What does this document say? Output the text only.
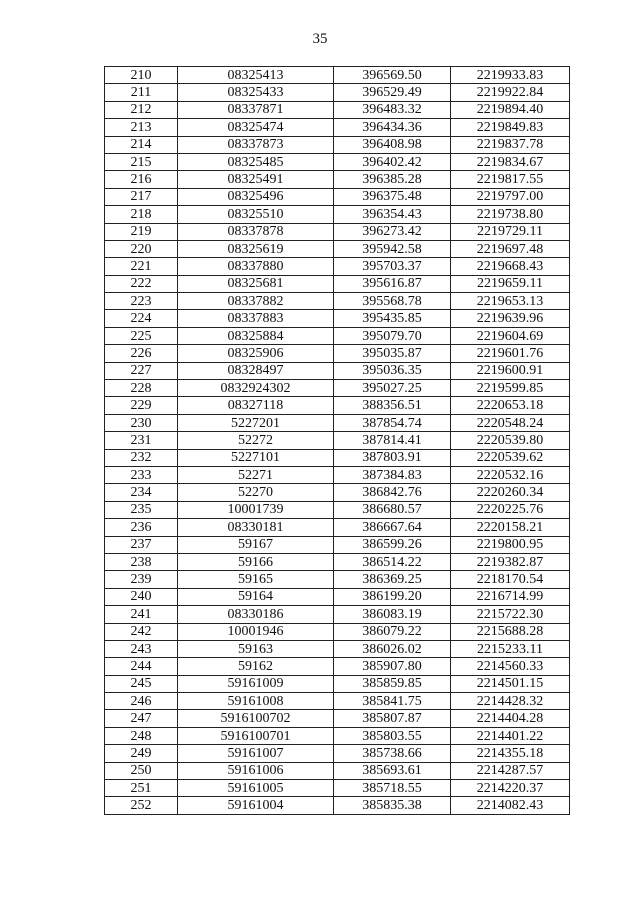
35
210	08325413	396569.50	2219933.83
211	08325433	396529.49	2219922.84
212	08337871	396483.32	2219894.40
213	08325474	396434.36	2219849.83
214	08337873	396408.98	2219837.78
215	08325485	396402.42	2219834.67
216	08325491	396385.28	2219817.55
217	08325496	396375.48	2219797.00
218	08325510	396354.43	2219738.80
219	08337878	396273.42	2219729.11
220	08325619	395942.58	2219697.48
221	08337880	395703.37	2219668.43
222	08325681	395616.87	2219659.11
223	08337882	395568.78	2219653.13
224	08337883	395435.85	2219639.96
225	08325884	395079.70	2219604.69
226	08325906	395035.87	2219601.76
227	08328497	395036.35	2219600.91
228	0832924302	395027.25	2219599.85
229	08327118	388356.51	2220653.18
230	5227201	387854.74	2220548.24
231	52272	387814.41	2220539.80
232	5227101	387803.91	2220539.62
233	52271	387384.83	2220532.16
234	52270	386842.76	2220260.34
235	10001739	386680.57	2220225.76
236	08330181	386667.64	2220158.21
237	59167	386599.26	2219800.95
238	59166	386514.22	2219382.87
239	59165	386369.25	2218170.54
240	59164	386199.20	2216714.99
241	08330186	386083.19	2215722.30
242	10001946	386079.22	2215688.28
243	59163	386026.02	2215233.11
244	59162	385907.80	2214560.33
245	59161009	385859.85	2214501.15
246	59161008	385841.75	2214428.32
247	5916100702	385807.87	2214404.28
248	5916100701	385803.55	2214401.22
249	59161007	385738.66	2214355.18
250	59161006	385693.61	2214287.57
251	59161005	385718.55	2214220.37
252	59161004	385835.38	2214082.43
